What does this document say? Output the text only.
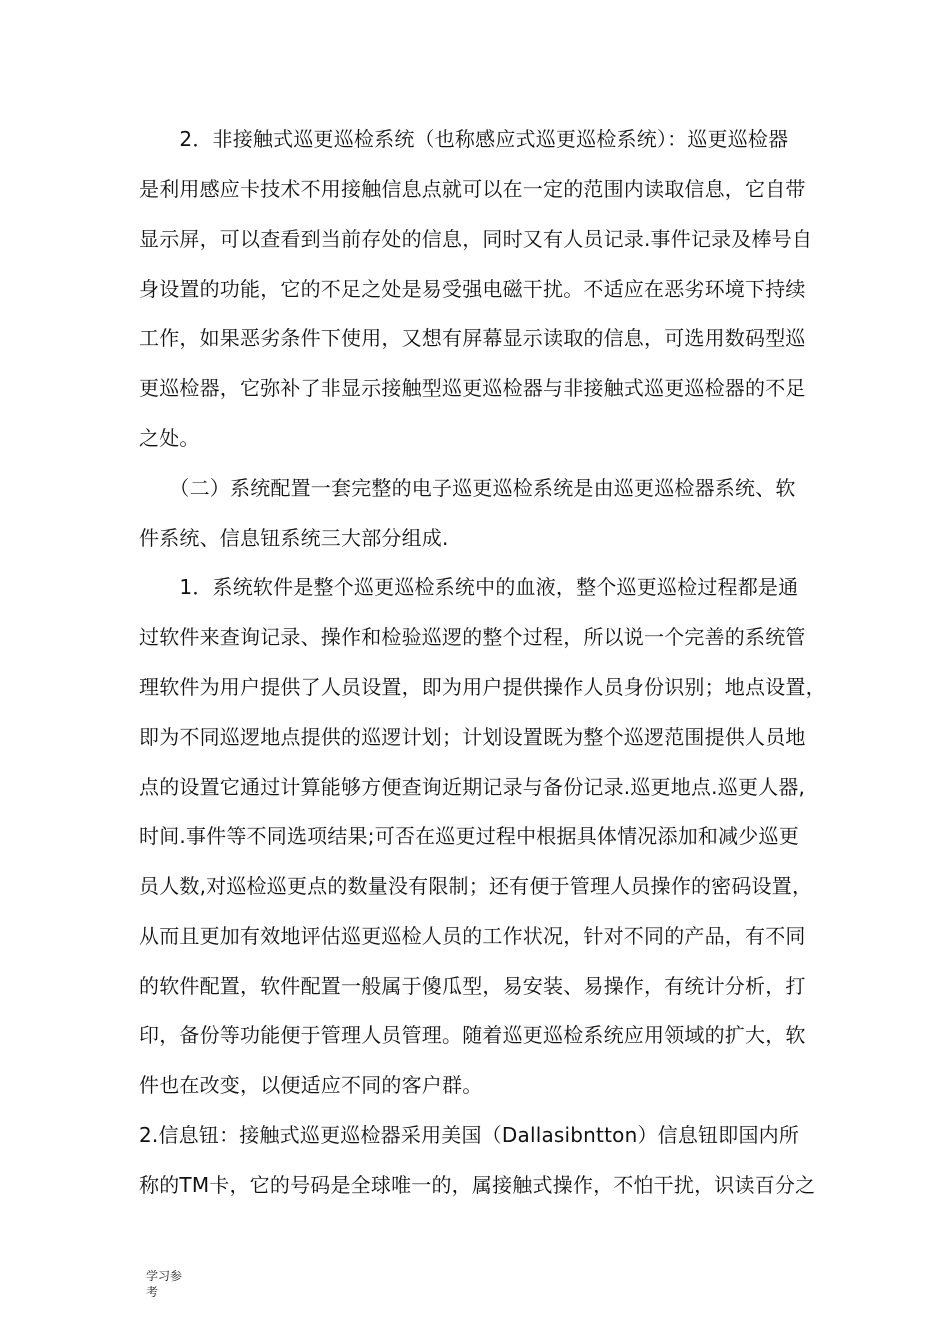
　　2．非接触式巡更巡检系统（也称感应式巡更巡检系统）：巡更巡检器
是利用感应卡技术不用接触信息点就可以在一定的范围内读取信息，它自带
显示屏，可以查看到当前存处的信息，同时又有人员记录.事件记录及棒号自
身设置的功能，它的不足之处是易受强电磁干扰。不适应在恶劣环境下持续
工作，如果恶劣条件下使用，又想有屏幕显示读取的信息，可选用数码型巡
更巡检器，它弥补了非显示接触型巡更巡检器与非接触式巡更巡检器的不足
之处。
　　（二）系统配置一套完整的电子巡更巡检系统是由巡更巡检器系统、软
件系统、信息钮系统三大部分组成.
　　1．系统软件是整个巡更巡检系统中的血液，整个巡更巡检过程都是通
过软件来查询记录、操作和检验巡逻的整个过程，所以说一个完善的系统管
理软件为用户提供了人员设置，即为用户提供操作人员身份识别；地点设置，
即为不同巡逻地点提供的巡逻计划；计划设置既为整个巡逻范围提供人员地
点的设置它通过计算能够方便查询近期记录与备份记录.巡更地点.巡更人器,
时间.事件等不同选项结果;可否在巡更过程中根据具体情况添加和减少巡更
员人数,对巡检巡更点的数量没有限制；还有便于管理人员操作的密码设置，
从而且更加有效地评估巡更巡检人员的工作状况，针对不同的产品，有不同
的软件配置，软件配置一般属于傻瓜型，易安装、易操作，有统计分析，打
印，备份等功能便于管理人员管理。随着巡更巡检系统应用领域的扩大，软
件也在改变，以便适应不同的客户群。
2.信息钮：接触式巡更巡检器采用美国（Dallasibntton）信息钮即国内所
称的TM卡，它的号码是全球唯一的，属接触式操作，不怕干扰，识读百分之
学习参
考
